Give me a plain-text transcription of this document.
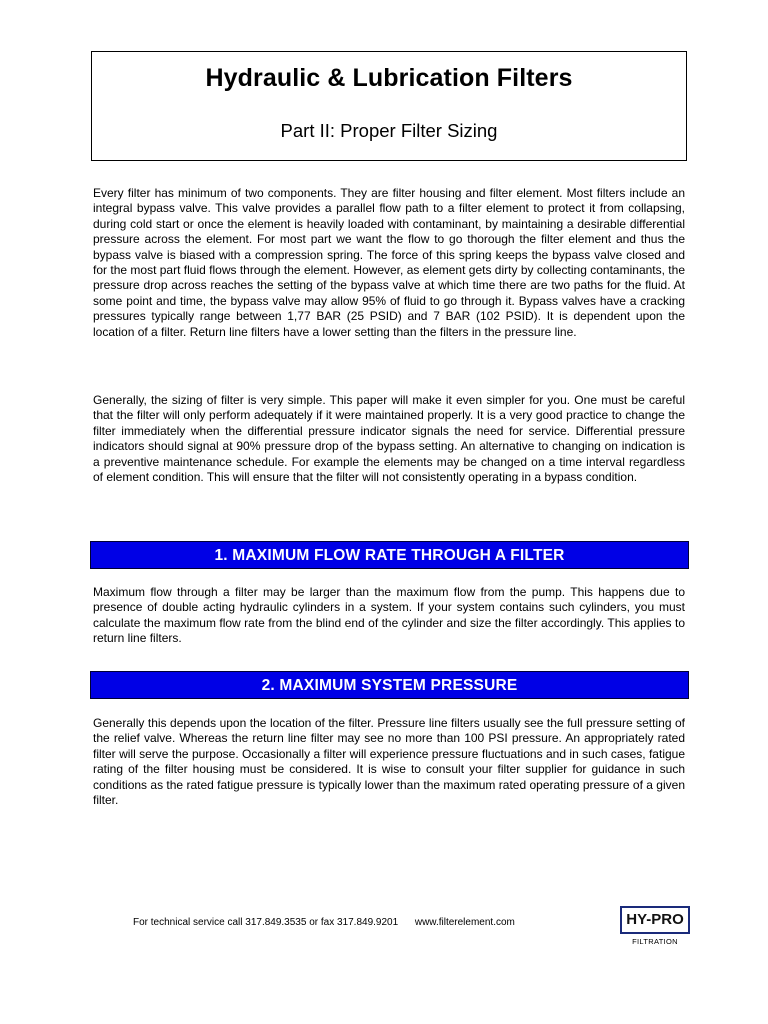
Hydraulic & Lubrication Filters
Part II: Proper Filter Sizing

Every filter has minimum of two components. They are filter housing and filter element. Most filters include an integral bypass valve. This valve provides a parallel flow path to a filter element to protect it from collapsing, during cold start or once the element is heavily loaded with contaminant, by maintaining a desirable differential pressure across the element. For most part we want the flow to go thorough the filter element and thus the bypass valve is biased with a compression spring. The force of this spring keeps the bypass valve closed and for the most part fluid flows through the element. However, as element gets dirty by collecting contaminants, the pressure drop across reaches the setting of the bypass valve at which time there are two paths for the fluid. At some point and time, the bypass valve may allow 95% of fluid to go through it. Bypass valves have a cracking pressures typically range between 1,77 BAR (25 PSID) and 7 BAR (102 PSID). It is dependent upon the location of a filter. Return line filters have a lower setting than the filters in the pressure line.

Generally, the sizing of filter is very simple. This paper will make it even simpler for you. One must be careful that the filter will only perform adequately if it were maintained properly. It is a very good practice to change the filter immediately when the differential pressure indicator signals the need for service. Differential pressure indicators should signal at 90% pressure drop of the bypass setting. An alternative to changing on indication is a preventive maintenance schedule. For example the elements may be changed on a time interval regardless of element condition. This will ensure that the filter will not consistently operating in a bypass condition.

1. MAXIMUM FLOW RATE THROUGH A FILTER

Maximum flow through a filter may be larger than the maximum flow from the pump. This happens due to presence of double acting hydraulic cylinders in a system. If your system contains such cylinders, you must calculate the maximum flow rate from the blind end of the cylinder and size the filter accordingly. This applies to return line filters.

2. MAXIMUM SYSTEM PRESSURE

Generally this depends upon the location of the filter. Pressure line filters usually see the full pressure setting of the relief valve. Whereas the return line filter may see no more than 100 PSI pressure. An appropriately rated filter will serve the purpose. Occasionally a filter will experience pressure fluctuations and in such cases, fatigue rating of the filter housing must be considered. It is wise to consult your filter supplier for guidance in such conditions as the rated fatigue pressure is typically lower than the maximum rated operating pressure of a given filter.

For technical service call 317.849.3535 or fax 317.849.9201      www.filterelement.com	HY-PRO
FILTRATION
